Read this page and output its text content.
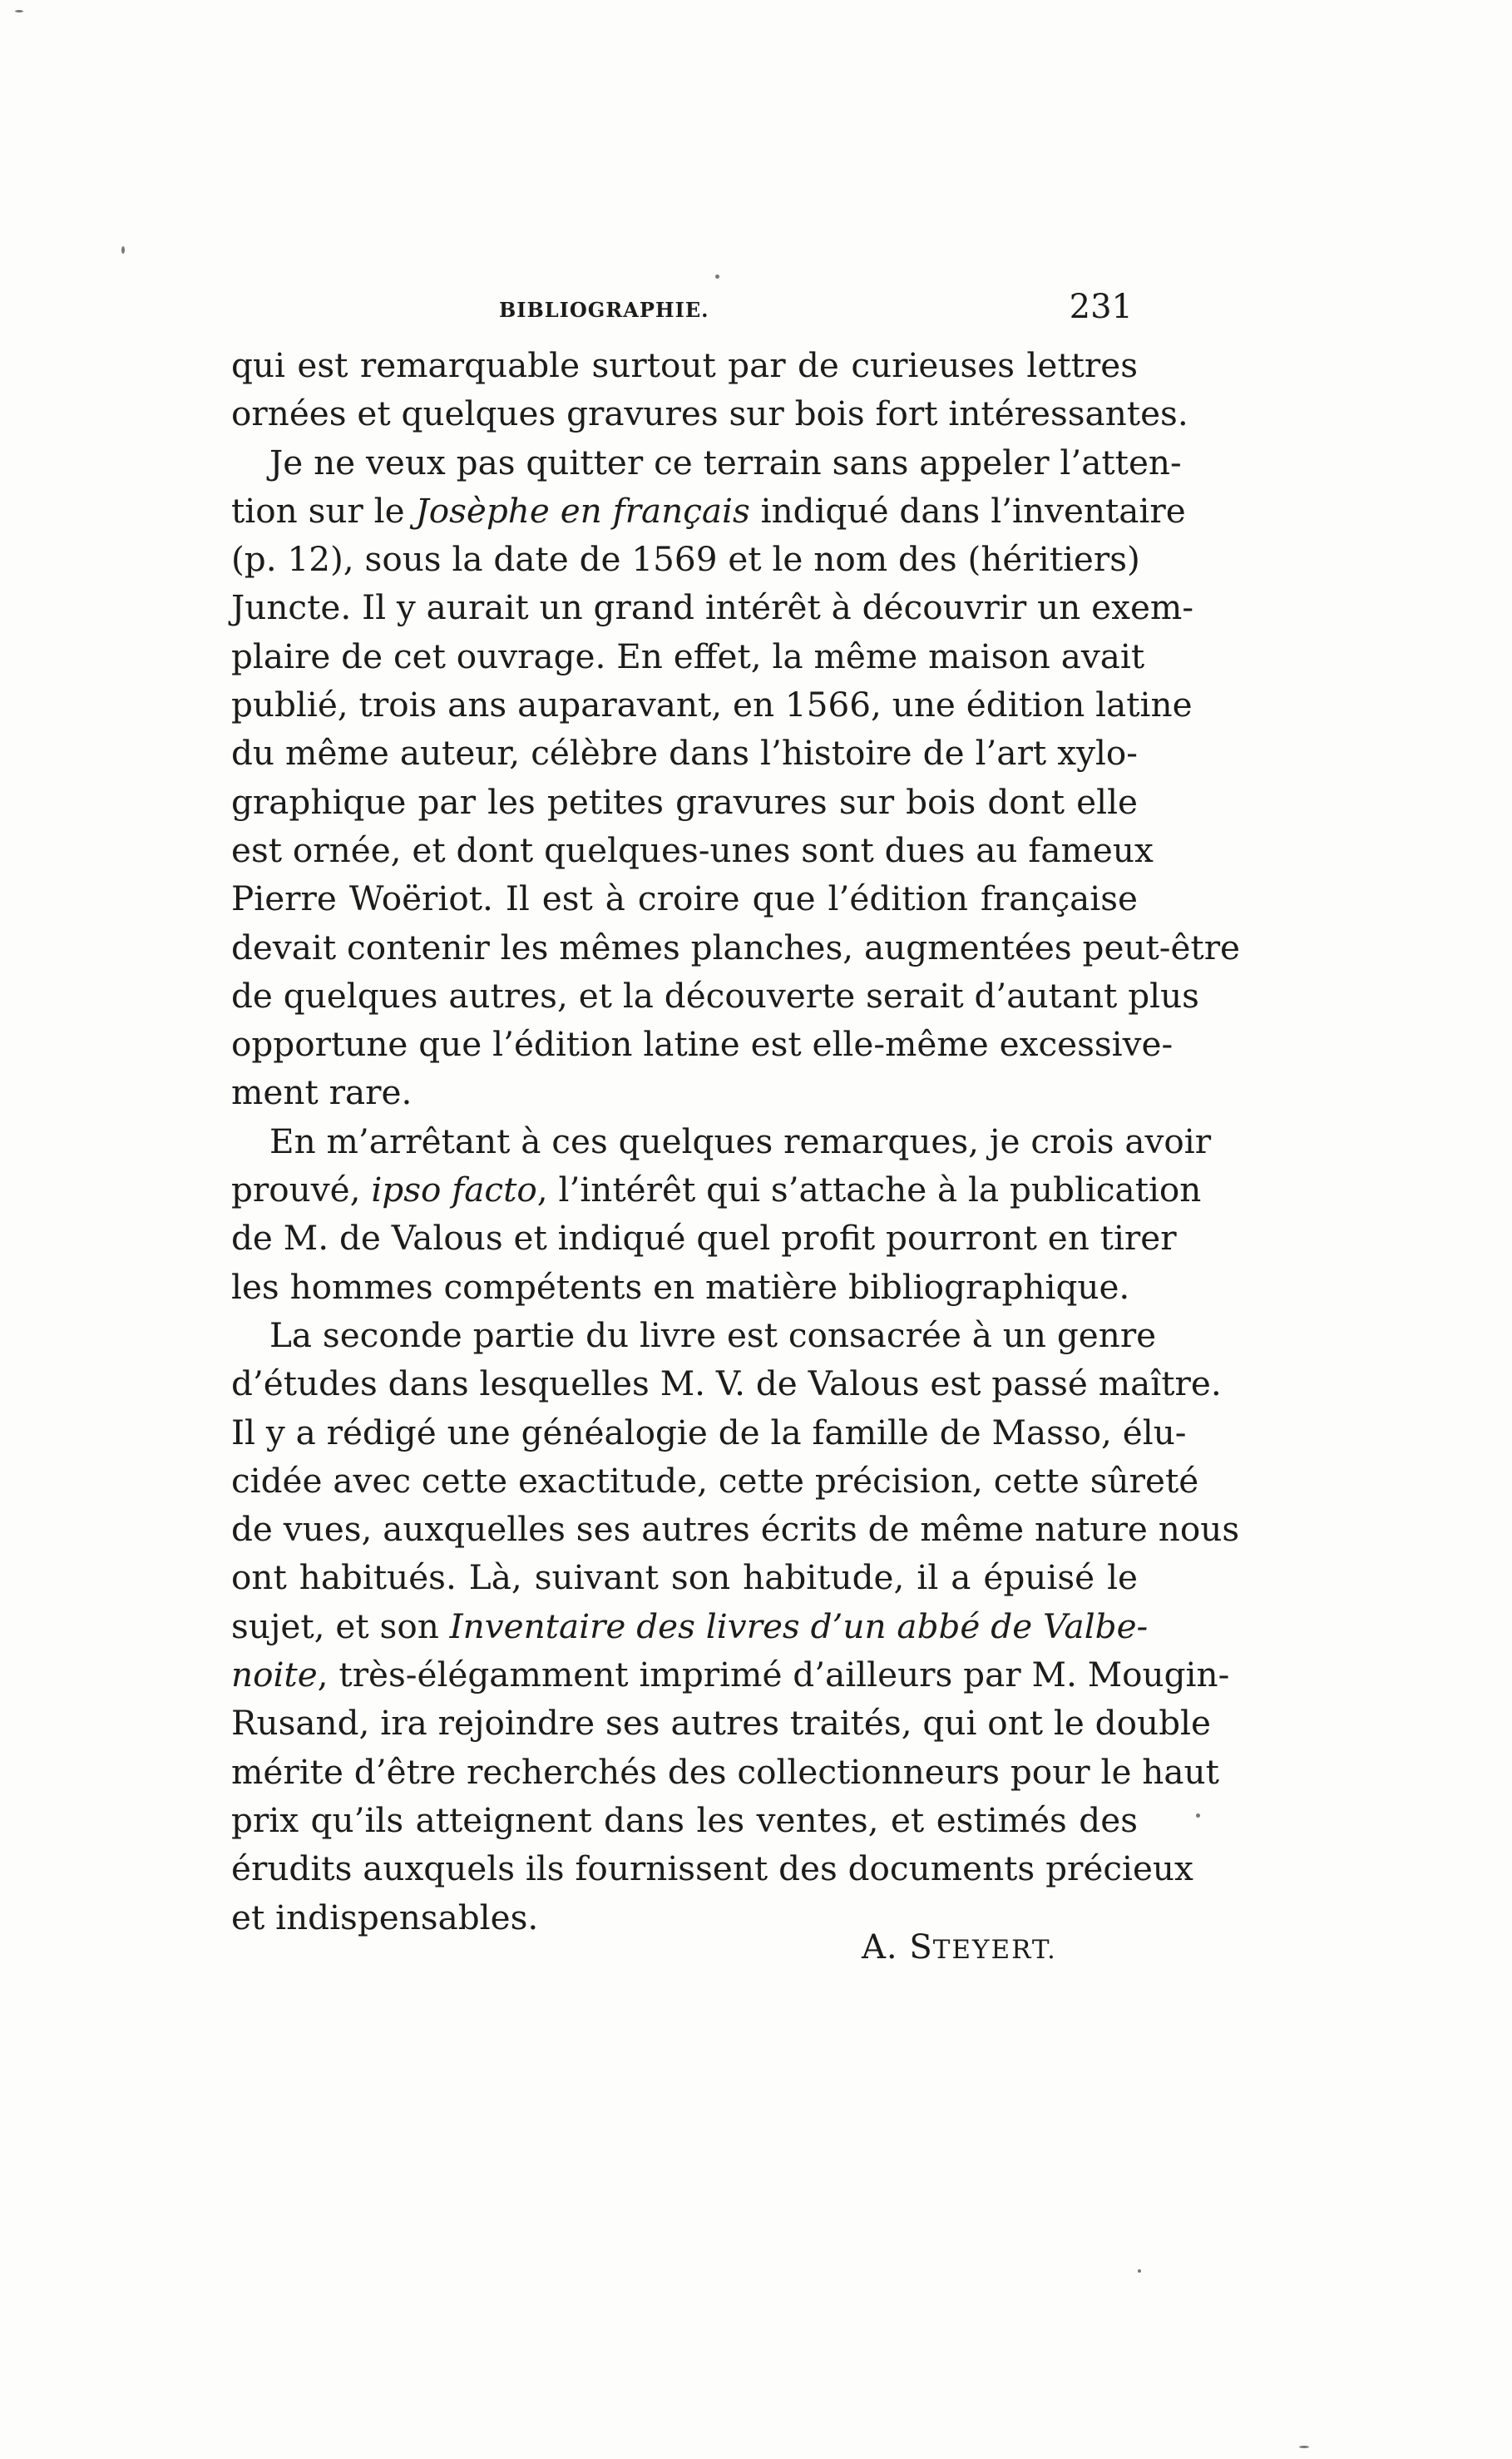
BIBLIOGRAPHIE.	231
qui est remarquable surtout par de curieuses lettres
ornées et quelques gravures sur bois fort intéressantes.
Je ne veux pas quitter ce terrain sans appeler l’atten-
tion sur le Josèphe en français indiqué dans l’inventaire
(p. 12), sous la date de 1569 et le nom des (héritiers)
Juncte. Il y aurait un grand intérêt à découvrir un exem-
plaire de cet ouvrage. En effet, la même maison avait
publié, trois ans auparavant, en 1566, une édition latine
du même auteur, célèbre dans l’histoire de l’art xylo-
graphique par les petites gravures sur bois dont elle
est ornée, et dont quelques-unes sont dues au fameux
Pierre Woëriot. Il est à croire que l’édition française
devait contenir les mêmes planches, augmentées peut-être
de quelques autres, et la découverte serait d’autant plus
opportune que l’édition latine est elle-même excessive-
ment rare.
En m’arrêtant à ces quelques remarques, je crois avoir
prouvé, ipso facto, l’intérêt qui s’attache à la publication
de M. de Valous et indiqué quel profit pourront en tirer
les hommes compétents en matière bibliographique.
La seconde partie du livre est consacrée à un genre
d’études dans lesquelles M. V. de Valous est passé maître.
Il y a rédigé une généalogie de la famille de Masso, élu-
cidée avec cette exactitude, cette précision, cette sûreté
de vues, auxquelles ses autres écrits de même nature nous
ont habitués. Là, suivant son habitude, il a épuisé le
sujet, et son Inventaire des livres d’un abbé de Valbe-
noite, très-élégamment imprimé d’ailleurs par M. Mougin-
Rusand, ira rejoindre ses autres traités, qui ont le double
mérite d’être recherchés des collectionneurs pour le haut
prix qu’ils atteignent dans les ventes, et estimés des
érudits auxquels ils fournissent des documents précieux
et indispensables.
A. STEYERT.
